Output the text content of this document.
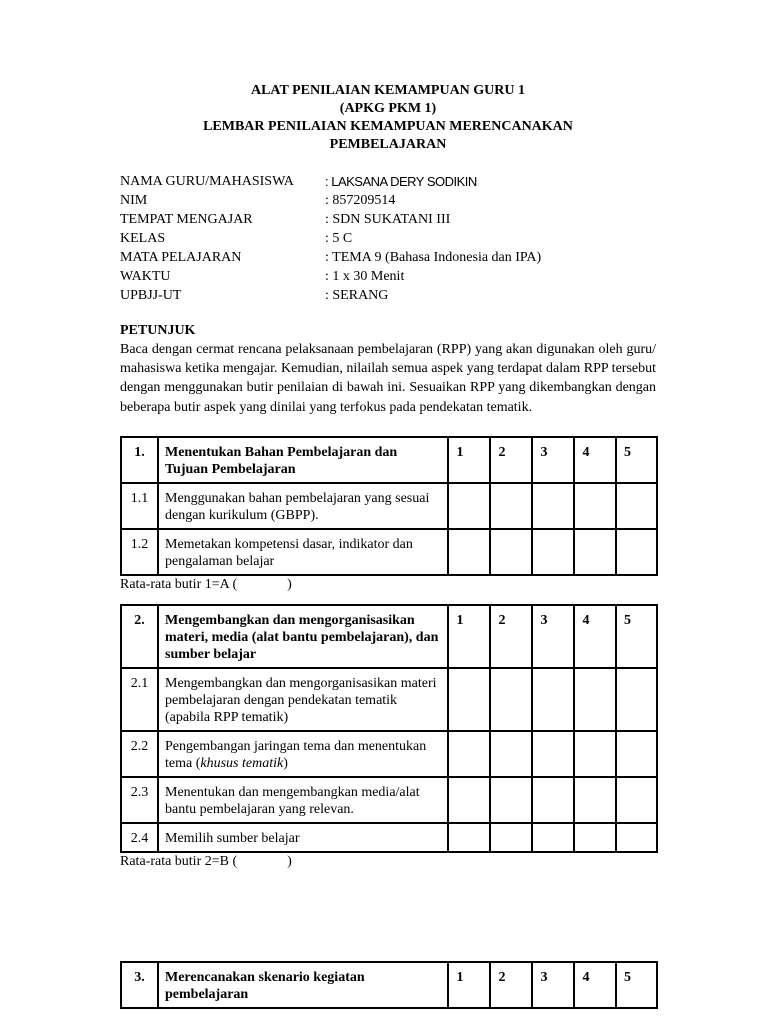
ALAT PENILAIAN KEMAMPUAN GURU 1
(APKG PKM 1)
LEMBAR PENILAIAN KEMAMPUAN MERENCANAKAN
PEMBELAJARAN
NAMA GURU/MAHASISWA	: LAKSANA DERY SODIKIN
NIM	: 857209514
TEMPAT MENGAJAR	: SDN SUKATANI III
KELAS	: 5 C
MATA PELAJARAN	: TEMA 9 (Bahasa Indonesia dan IPA)
WAKTU	: 1 x 30 Menit
UPBJJ-UT	: SERANG
PETUNJUK
Baca dengan cermat rencana pelaksanaan pembelajaran (RPP) yang akan digunakan oleh guru/ mahasiswa ketika mengajar. Kemudian, nilailah semua aspek yang terdapat dalam RPP tersebut dengan menggunakan butir penilaian di bawah ini. Sesuaikan RPP yang dikembangkan dengan beberapa butir aspek yang dinilai yang terfokus pada pendekatan tematik.
1.	Menentukan Bahan Pembelajaran dan Tujuan Pembelajaran	1	2	3	4	5
1.1	Menggunakan bahan pembelajaran yang sesuai dengan kurikulum (GBPP).					
1.2	Memetakan kompetensi dasar, indikator dan pengalaman belajar					
Rata-rata butir 1=A (	)
2.	Mengembangkan dan mengorganisasikan materi, media (alat bantu pembelajaran), dan sumber belajar	1	2	3	4	5
2.1	Mengembangkan dan mengorganisasikan materi pembelajaran dengan pendekatan tematik (apabila RPP tematik)					
2.2	Pengembangan jaringan tema dan menentukan tema (khusus tematik)					
2.3	Menentukan dan mengembangkan media/alat bantu pembelajaran yang relevan.					
2.4	Memilih sumber belajar					
Rata-rata butir 2=B (	)
3.	Merencanakan skenario kegiatan pembelajaran	1	2	3	4	5
